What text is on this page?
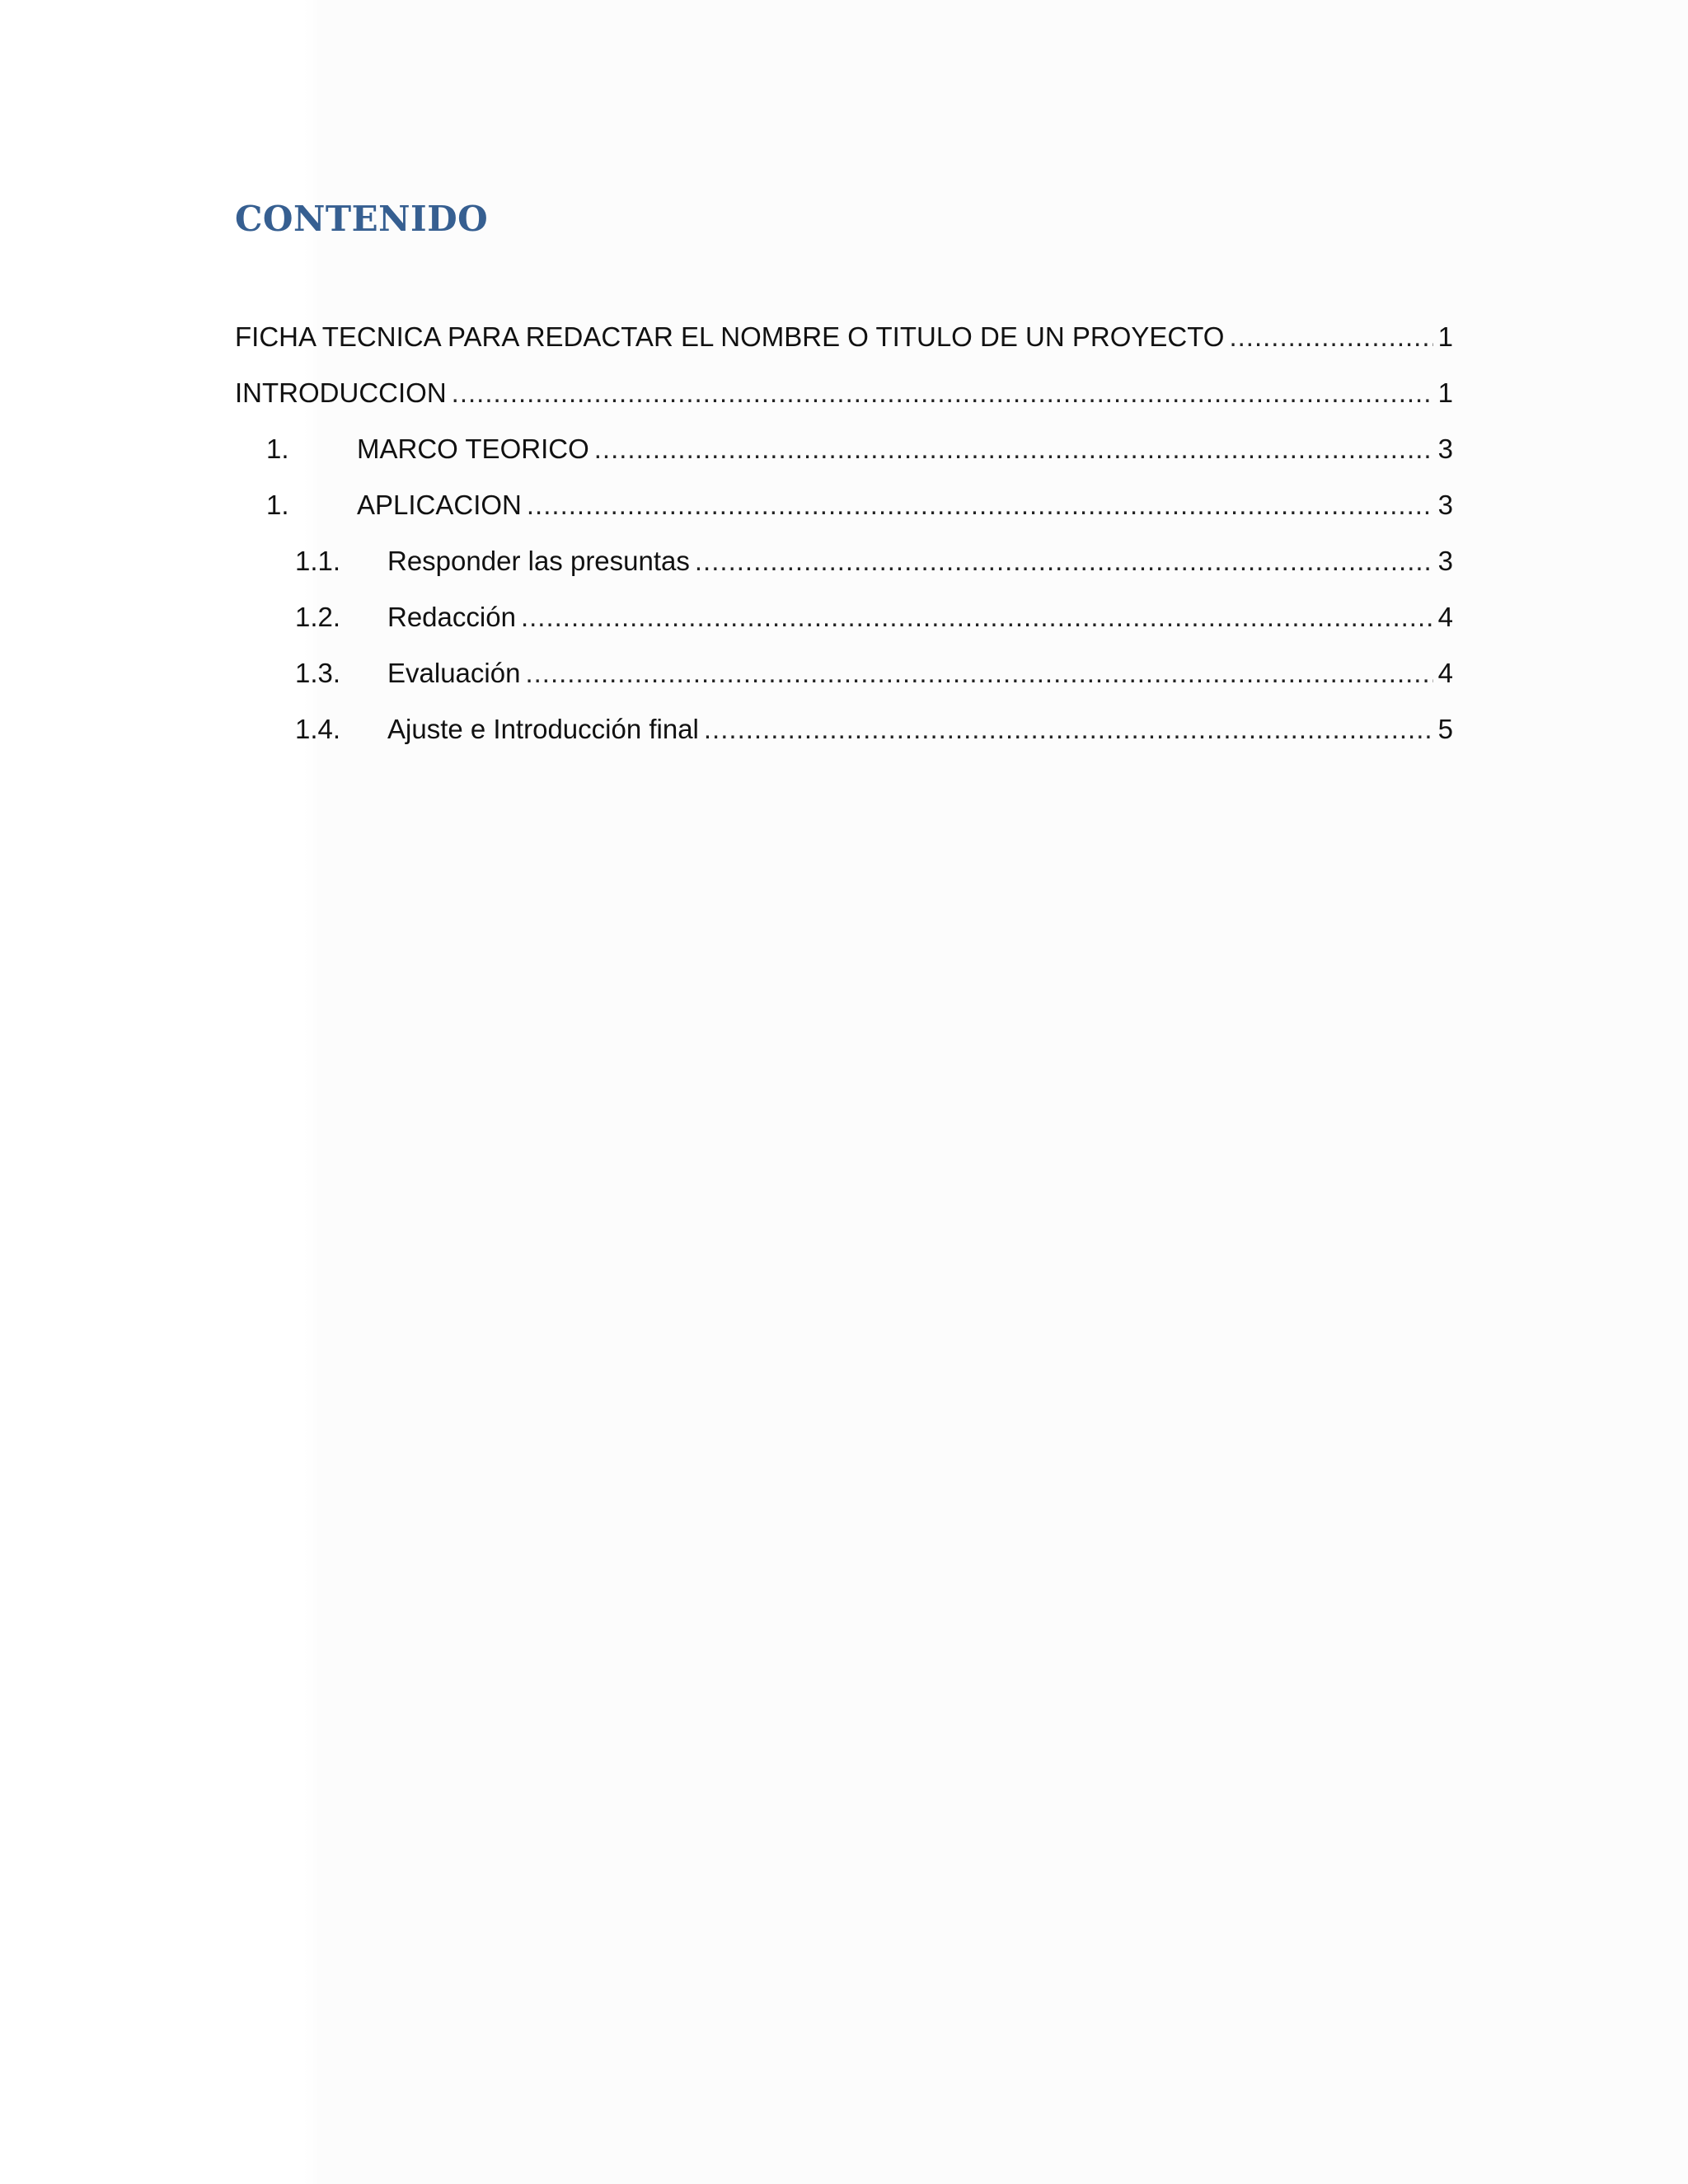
CONTENIDO
FICHA TECNICA PARA REDACTAR EL NOMBRE O TITULO DE UN PROYECTO .....	1
INTRODUCCION .....	1
1.	MARCO TEORICO .....	3
1.	APLICACION .....	3
1.1.	Responder las presuntas .....	3
1.2.	Redacción .....	4
1.3.	Evaluación .....	4
1.4.	Ajuste e Introducción final .....	5
